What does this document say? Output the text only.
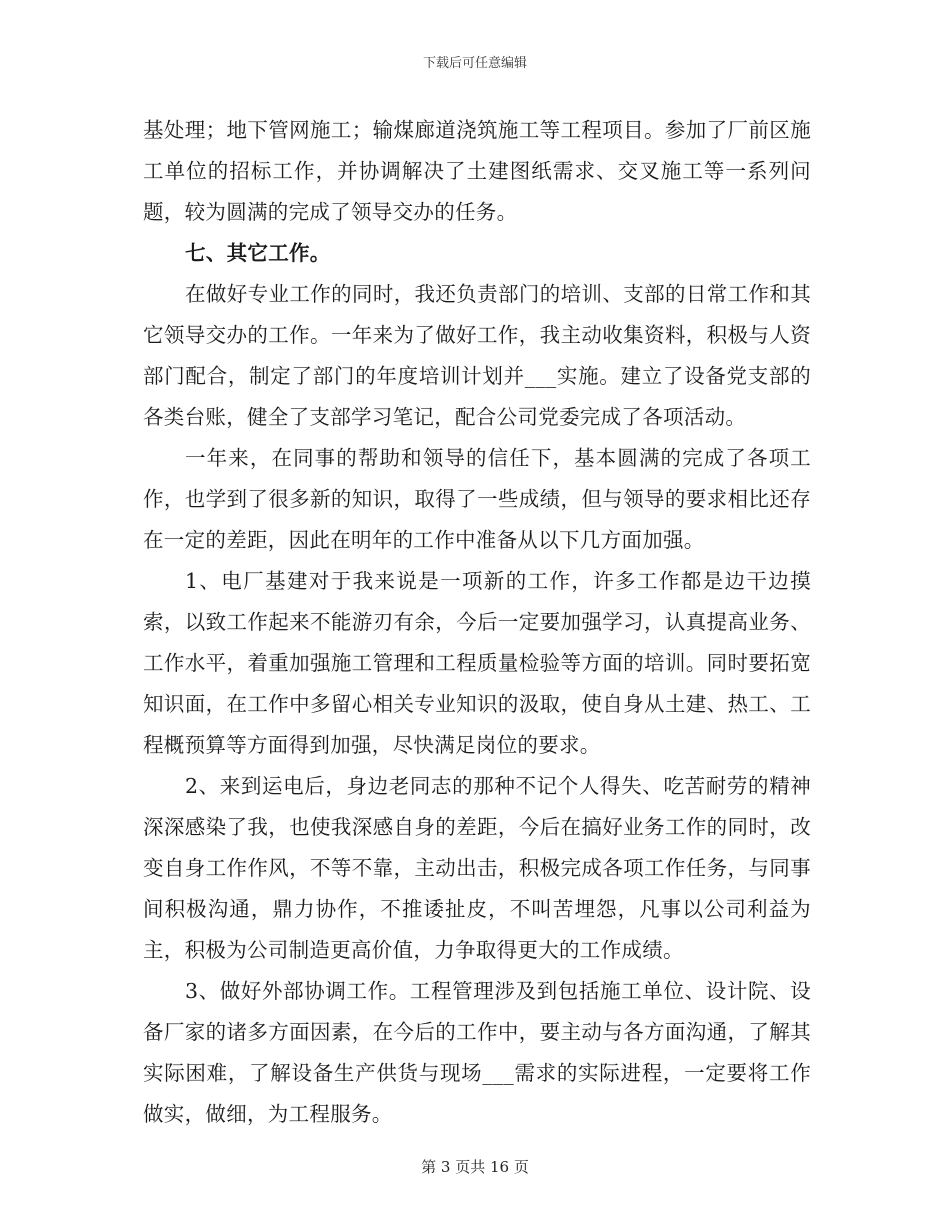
下载后可任意编辑

基处理；地下管网施工；输煤廊道浇筑施工等工程项目。参加了厂前区施工单位的招标工作，并协调解决了土建图纸需求、交叉施工等一系列问题，较为圆满的完成了领导交办的任务。

七、其它工作。

在做好专业工作的同时，我还负责部门的培训、支部的日常工作和其它领导交办的工作。一年来为了做好工作，我主动收集资料，积极与人资部门配合，制定了部门的年度培训计划并___实施。建立了设备党支部的各类台账，健全了支部学习笔记，配合公司党委完成了各项活动。

一年来，在同事的帮助和领导的信任下，基本圆满的完成了各项工作，也学到了很多新的知识，取得了一些成绩，但与领导的要求相比还存在一定的差距，因此在明年的工作中准备从以下几方面加强。

1、电厂基建对于我来说是一项新的工作，许多工作都是边干边摸索，以致工作起来不能游刃有余，今后一定要加强学习，认真提高业务、工作水平，着重加强施工管理和工程质量检验等方面的培训。同时要拓宽知识面，在工作中多留心相关专业知识的汲取，使自身从土建、热工、工程概预算等方面得到加强，尽快满足岗位的要求。

2、来到运电后，身边老同志的那种不记个人得失、吃苦耐劳的精神深深感染了我，也使我深感自身的差距，今后在搞好业务工作的同时，改变自身工作作风，不等不靠，主动出击，积极完成各项工作任务，与同事间积极沟通，鼎力协作，不推诿扯皮，不叫苦埋怨，凡事以公司利益为主，积极为公司制造更高价值，力争取得更大的工作成绩。

3、做好外部协调工作。工程管理涉及到包括施工单位、设计院、设备厂家的诸多方面因素，在今后的工作中，要主动与各方面沟通，了解其实际困难，了解设备生产供货与现场___需求的实际进程，一定要将工作做实，做细，为工程服务。

第 3 页共 16 页
